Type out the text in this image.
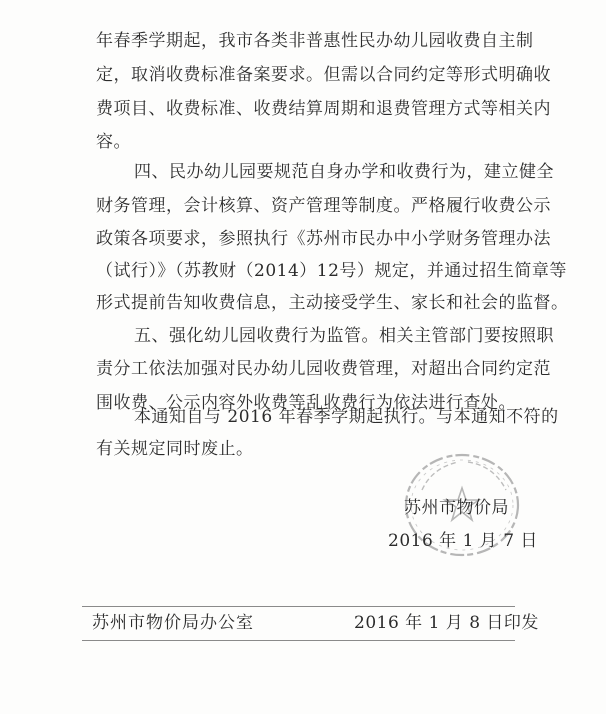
年春季学期起，我市各类非普惠性民办幼儿园收费自主制
定，取消收费标准备案要求。但需以合同约定等形式明确收
费项目、收费标准、收费结算周期和退费管理方式等相关内
容。
四、民办幼儿园要规范自身办学和收费行为，建立健全
财务管理，会计核算、资产管理等制度。严格履行收费公示
政策各项要求，参照执行《苏州市民办中小学财务管理办法
（试行）》（苏教财（2014）12号）规定，并通过招生简章等
形式提前告知收费信息，主动接受学生、家长和社会的监督。
五、强化幼儿园收费行为监管。相关主管部门要按照职
责分工依法加强对民办幼儿园收费管理，对超出合同约定范
围收费、公示内容外收费等乱收费行为依法进行查处。
本通知自与 2016 年春季学期起执行。与本通知不符的
有关规定同时废止。
苏州市物价局
2016 年 1 月 7 日
苏州市物价局办公室	2016 年 1 月 8 日印发
